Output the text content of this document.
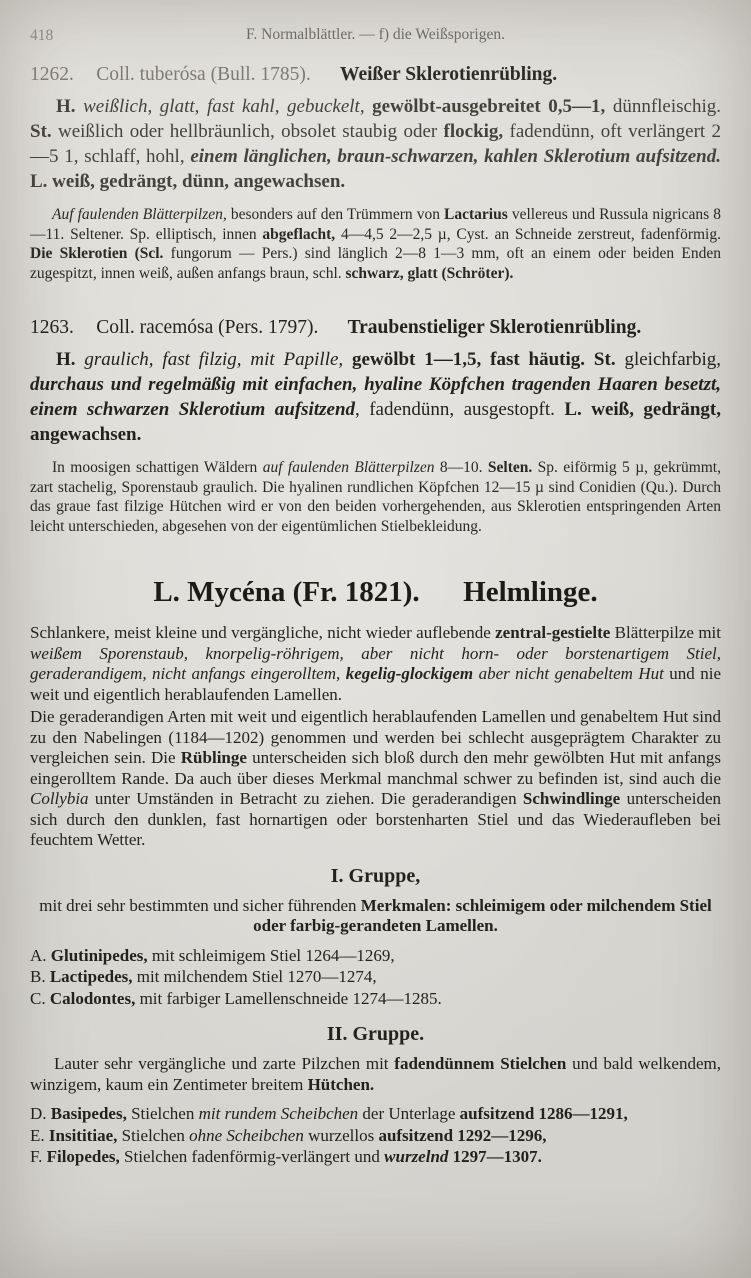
418	F. Normalblättler. — f) die Weißsporigen.

1262. Coll. tuberósa (Bull. 1785). Weißer Sklerotienrübling.

H. weißlich, glatt, fast kahl, gebuckelt, gewölbt-ausgebreitet 0,5—1, dünnfleischig. St. weißlich oder hellbräunlich, obsolet staubig oder flockig, fadendünn, oft verlängert 2—5 1, schlaff, hohl, einem länglichen, braun-schwarzen, kahlen Sklerotium aufsitzend. L. weiß, gedrängt, dünn, angewachsen.

Auf faulenden Blätterpilzen, besonders auf den Trümmern von Lactarius vellereus und Russula nigricans 8—11. Seltener. Sp. elliptisch, innen abgeflacht, 4—4,5 2—2,5 µ, Cyst. an Schneide zerstreut, fadenförmig. Die Sklerotien (Scl. fungorum — Pers.) sind länglich 2—8 1—3 mm, oft an einem oder beiden Enden zugespitzt, innen weiß, außen anfangs braun, schl. schwarz, glatt (Schröter).

1263. Coll. racemósa (Pers. 1797). Traubenstieliger Sklerotienrübling.

H. graulich, fast filzig, mit Papille, gewölbt 1—1,5, fast häutig. St. gleichfarbig, durchaus und regelmäßig mit einfachen, hyaline Köpfchen tragenden Haaren besetzt, einem schwarzen Sklerotium aufsitzend, fadendünn, ausgestopft. L. weiß, gedrängt, angewachsen.

In moosigen schattigen Wäldern auf faulenden Blätterpilzen 8—10. Selten. Sp. eiförmig 5 µ, gekrümmt, zart stachelig, Sporenstaub graulich. Die hyalinen rundlichen Köpfchen 12—15 µ sind Conidien (Qu.). Durch das graue fast filzige Hütchen wird er von den beiden vorhergehenden, aus Sklerotien entspringenden Arten leicht unterschieden, abgesehen von der eigentümlichen Stielbekleidung.

L. Mycéna (Fr. 1821). Helmlinge.

Schlankere, meist kleine und vergängliche, nicht wieder auflebende zentral-gestielte Blätterpilze mit weißem Sporenstaub, knorpelig-röhrigem, aber nicht horn- oder borstenartigem Stiel, geraderandigem, nicht anfangs eingerolltem, kegelig-glockigem aber nicht genabeltem Hut und nie weit und eigentlich herablaufenden Lamellen.

Die geraderandigen Arten mit weit und eigentlich herablaufenden Lamellen und genabeltem Hut sind zu den Nabelingen (1184—1202) genommen und werden bei schlecht ausgeprägtem Charakter zu vergleichen sein. Die Rüblinge unterscheiden sich bloß durch den mehr gewölbten Hut mit anfangs eingerolltem Rande. Da auch über dieses Merkmal manchmal schwer zu befinden ist, sind auch die Collybia unter Umständen in Betracht zu ziehen. Die geraderandigen Schwindlinge unterscheiden sich durch den dunklen, fast hornartigen oder borstenharten Stiel und das Wiederaufleben bei feuchtem Wetter.

I. Gruppe,

mit drei sehr bestimmten und sicher führenden Merkmalen: schleimigem oder milchendem Stiel oder farbig-gerandeten Lamellen.

A. Glutinipedes, mit schleimigem Stiel 1264—1269,
B. Lactipedes, mit milchendem Stiel 1270—1274,
C. Calodontes, mit farbiger Lamellenschneide 1274—1285.
II. Gruppe.

Lauter sehr vergängliche und zarte Pilzchen mit fadendünnem Stielchen und bald welkendem, winzigem, kaum ein Zentimeter breitem Hütchen.

D. Basipedes, Stielchen mit rundem Scheibchen der Unterlage aufsitzend 1286—1291,
E. Insititiae, Stielchen ohne Scheibchen wurzellos aufsitzend 1292—1296,
F. Filopedes, Stielchen fadenförmig-verlängert und wurzelnd 1297—1307.
